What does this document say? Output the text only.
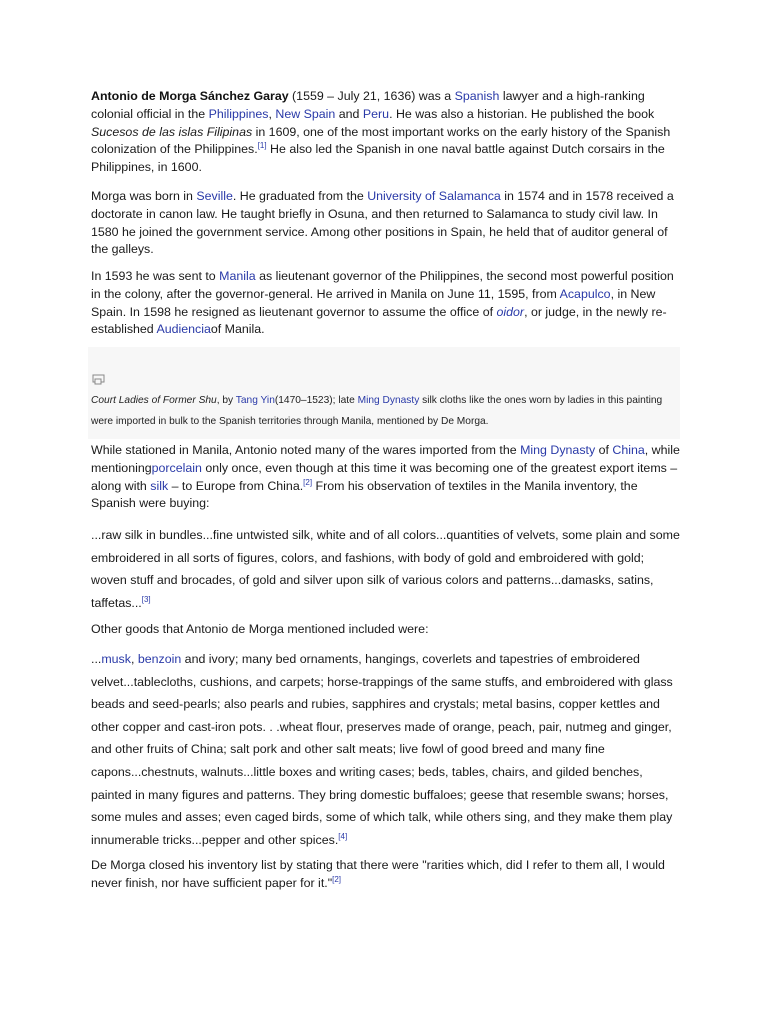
Antonio de Morga Sánchez Garay (1559 – July 21, 1636) was a Spanish lawyer and a high-ranking colonial official in the Philippines, New Spain and Peru. He was also a historian. He published the book Sucesos de las islas Filipinas in 1609, one of the most important works on the early history of the Spanish colonization of the Philippines.[1] He also led the Spanish in one naval battle against Dutch corsairs in the Philippines, in 1600.
Morga was born in Seville. He graduated from the University of Salamanca in 1574 and in 1578 received a doctorate in canon law. He taught briefly in Osuna, and then returned to Salamanca to study civil law. In 1580 he joined the government service. Among other positions in Spain, he held that of auditor general of the galleys.
In 1593 he was sent to Manila as lieutenant governor of the Philippines, the second most powerful position in the colony, after the governor-general. He arrived in Manila on June 11, 1595, from Acapulco, in New Spain. In 1598 he resigned as lieutenant governor to assume the office of oidor, or judge, in the newly re-established Audienciaof Manila.
Court Ladies of Former Shu, by Tang Yin(1470–1523); late Ming Dynasty silk cloths like the ones worn by ladies in this painting were imported in bulk to the Spanish territories through Manila, mentioned by De Morga.
While stationed in Manila, Antonio noted many of the wares imported from the Ming Dynasty of China, while mentioningporcelain only once, even though at this time it was becoming one of the greatest export items – along with silk – to Europe from China.[2] From his observation of textiles in the Manila inventory, the Spanish were buying:
...raw silk in bundles...fine untwisted silk, white and of all colors...quantities of velvets, some plain and some embroidered in all sorts of figures, colors, and fashions, with body of gold and embroidered with gold; woven stuff and brocades, of gold and silver upon silk of various colors and patterns...damasks, satins, taffetas...[3]
Other goods that Antonio de Morga mentioned included were:
...musk, benzoin and ivory; many bed ornaments, hangings, coverlets and tapestries of embroidered velvet...tablecloths, cushions, and carpets; horse-trappings of the same stuffs, and embroidered with glass beads and seed-pearls; also pearls and rubies, sapphires and crystals; metal basins, copper kettles and other copper and cast-iron pots. . .wheat flour, preserves made of orange, peach, pair, nutmeg and ginger, and other fruits of China; salt pork and other salt meats; live fowl of good breed and many fine capons...chestnuts, walnuts...little boxes and writing cases; beds, tables, chairs, and gilded benches, painted in many figures and patterns. They bring domestic buffaloes; geese that resemble swans; horses, some mules and asses; even caged birds, some of which talk, while others sing, and they make them play innumerable tricks...pepper and other spices.[4]
De Morga closed his inventory list by stating that there were "rarities which, did I refer to them all, I would never finish, nor have sufficient paper for it."[2]
